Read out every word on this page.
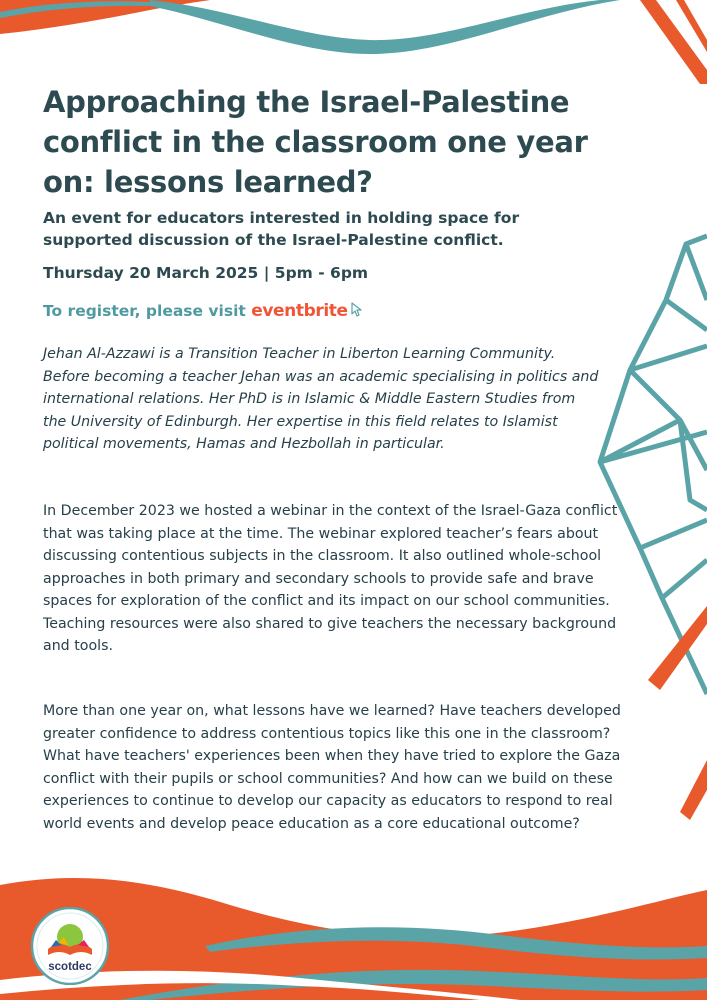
Approaching the Israel-Palestine conflict in the classroom one year on: lessons learned?

An event for educators interested in holding space for supported discussion of the Israel-Palestine conflict.

Thursday 20 March 2025 | 5pm - 6pm

To register, please visit eventbrite

Jehan Al-Azzawi is a Transition Teacher in Liberton Learning Community. Before becoming a teacher Jehan was an academic specialising in politics and international relations. Her PhD is in Islamic & Middle Eastern Studies from the University of Edinburgh. Her expertise in this field relates to Islamist political movements, Hamas and Hezbollah in particular.

In December 2023 we hosted a webinar in the context of the Israel-Gaza conflict that was taking place at the time. The webinar explored teacher’s fears about discussing contentious subjects in the classroom. It also outlined whole-school approaches in both primary and secondary schools to provide safe and brave spaces for exploration of the conflict and its impact on our school communities. Teaching resources were also shared to give teachers the necessary background and tools.

More than one year on, what lessons have we learned? Have teachers developed greater confidence to address contentious topics like this one in the classroom? What have teachers' experiences been when they have tried to explore the Gaza conflict with their pupils or school communities? And how can we build on these experiences to continue to develop our capacity as educators to respond to real world events and develop peace education as a core educational outcome?

scotdec
